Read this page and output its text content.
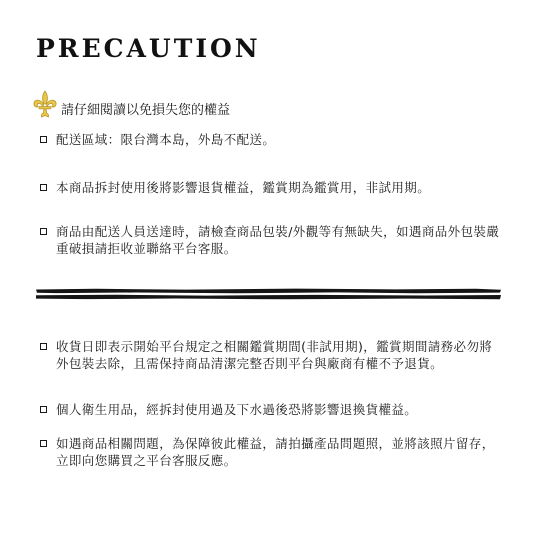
PRECAUTION
請仔細閱讀以免損失您的權益
配送區域：限台灣本島，外島不配送。
本商品拆封使用後將影響退貨權益，鑑賞期為鑑賞用，非試用期。
商品由配送人員送達時，請檢查商品包裝/外觀等有無缺失，如遇商品外包裝嚴重破損請拒收並聯絡平台客服。
收貨日即表示開始平台規定之相關鑑賞期間(非試用期)，鑑賞期間請務必勿將外包裝去除，且需保持商品清潔完整否則平台與廠商有權不予退貨。
個人衛生用品，經拆封使用過及下水過後恐將影響退換貨權益。
如遇商品相關問題，為保障彼此權益，請拍攝產品問題照，並將該照片留存，立即向您購買之平台客服反應。
